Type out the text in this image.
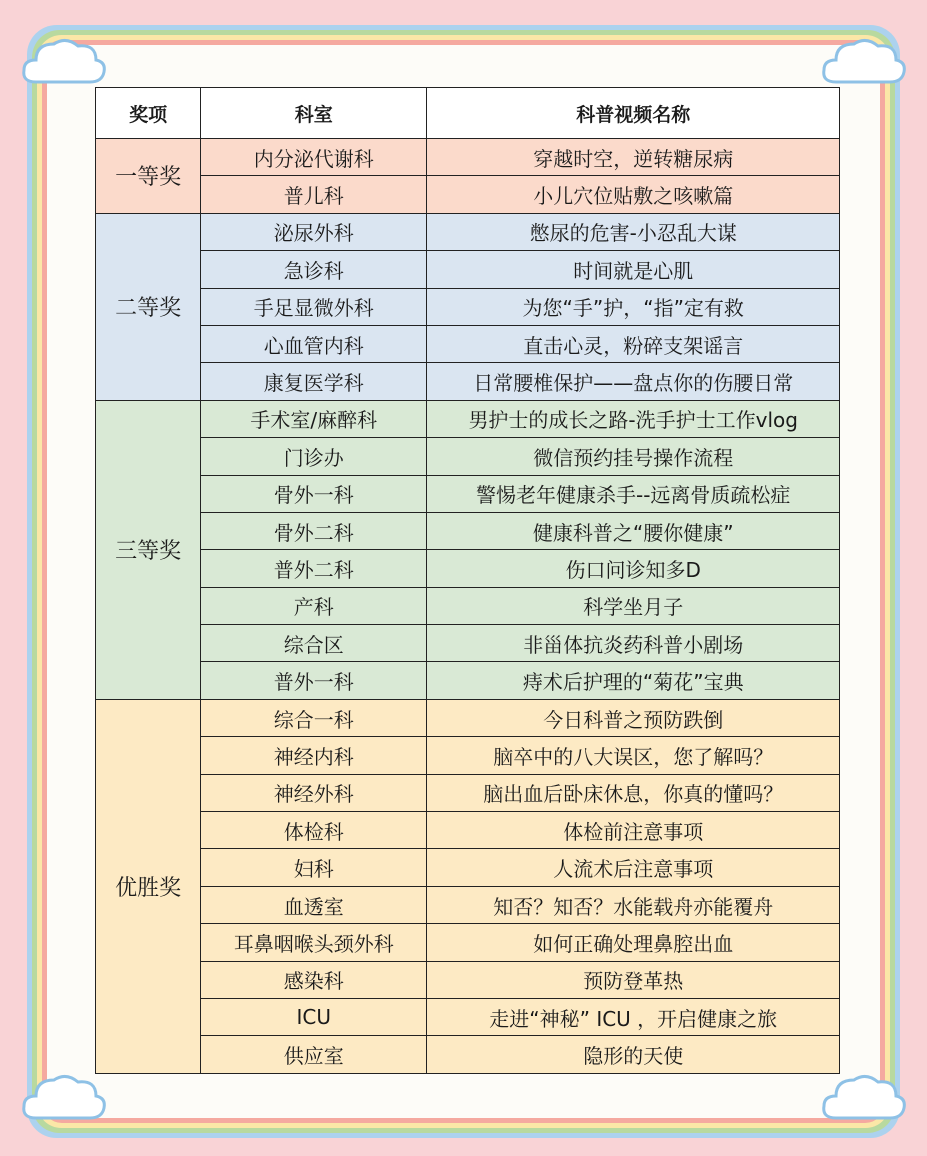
奖项	科室	科普视频名称
一等奖	内分泌代谢科	穿越时空，逆转糖尿病
	普儿科	小儿穴位贴敷之咳嗽篇
二等奖	泌尿外科	憋尿的危害-小忍乱大谋
	急诊科	时间就是心肌
	手足显微外科	为您“手”护，“指”定有救
	心血管内科	直击心灵，粉碎支架谣言
	康复医学科	日常腰椎保护——盘点你的伤腰日常
三等奖	手术室/麻醉科	男护士的成长之路-洗手护士工作vlog
	门诊办	微信预约挂号操作流程
	骨外一科	警惕老年健康杀手--远离骨质疏松症
	骨外二科	健康科普之“腰你健康”
	普外二科	伤口问诊知多D
	产科	科学坐月子
	综合区	非甾体抗炎药科普小剧场
	普外一科	痔术后护理的“菊花”宝典
优胜奖	综合一科	今日科普之预防跌倒
	神经内科	脑卒中的八大误区，您了解吗？
	神经外科	脑出血后卧床休息，你真的懂吗？
	体检科	体检前注意事项
	妇科	人流术后注意事项
	血透室	知否？知否？水能载舟亦能覆舟
	耳鼻咽喉头颈外科	如何正确处理鼻腔出血
	感染科	预防登革热
	ICU	走进“神秘” ICU ，开启健康之旅
	供应室	隐形的天使
